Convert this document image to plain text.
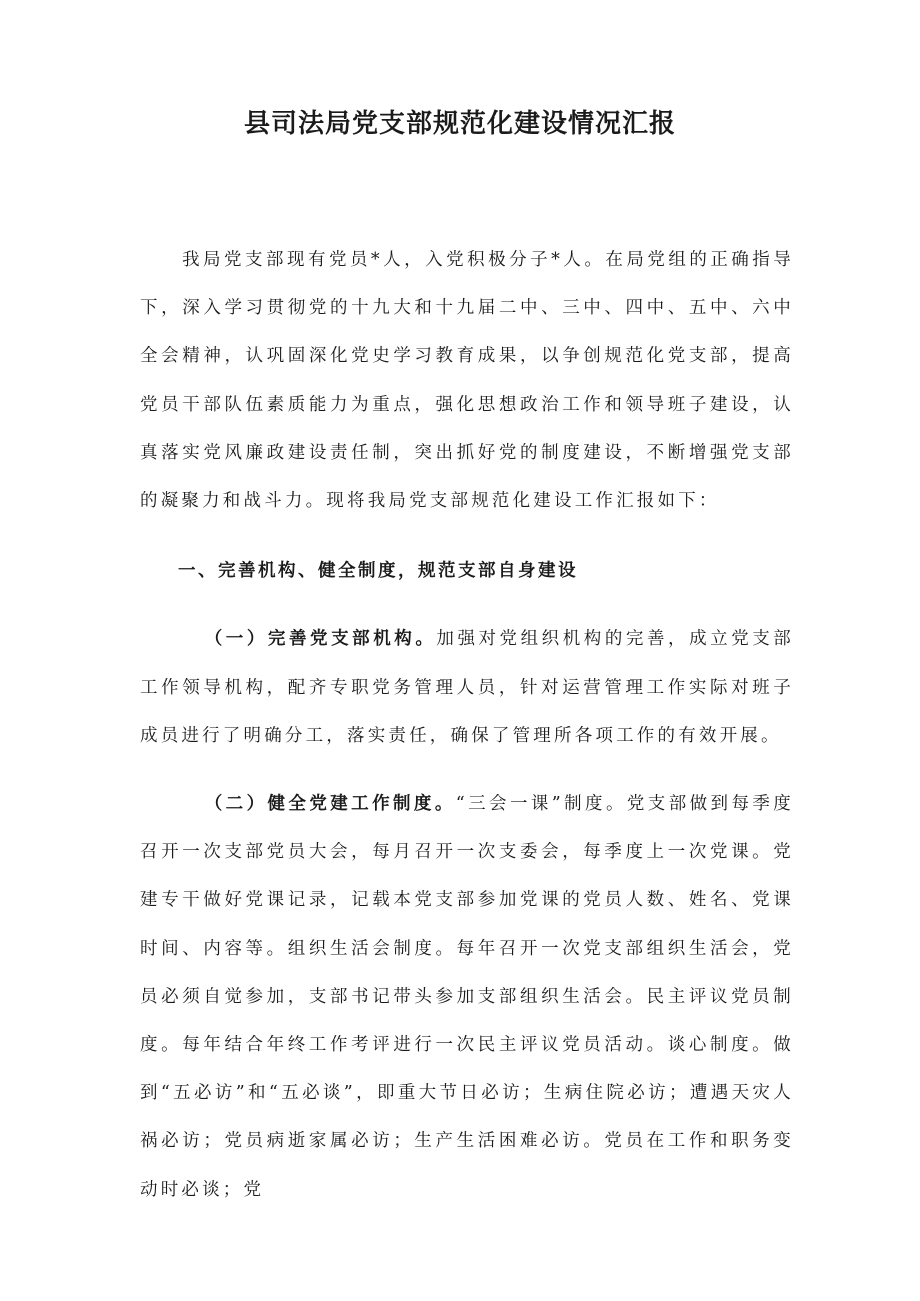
县司法局党支部规范化建设情况汇报

我局党支部现有党员*人，入党积极分子*人。在局党组的正确指导下，深入学习贯彻党的十九大和十九届二中、三中、四中、五中、六中全会精神，认巩固深化党史学习教育成果，以争创规范化党支部，提高党员干部队伍素质能力为重点，强化思想政治工作和领导班子建设，认真落实党风廉政建设责任制，突出抓好党的制度建设，不断增强党支部的凝聚力和战斗力。现将我局党支部规范化建设工作汇报如下：

一、完善机构、健全制度，规范支部自身建设

（一）完善党支部机构。加强对党组织机构的完善，成立党支部工作领导机构，配齐专职党务管理人员，针对运营管理工作实际对班子成员进行了明确分工，落实责任，确保了管理所各项工作的有效开展。

（二）健全党建工作制度。“三会一课”制度。党支部做到每季度召开一次支部党员大会，每月召开一次支委会，每季度上一次党课。党建专干做好党课记录，记载本党支部参加党课的党员人数、姓名、党课时间、内容等。组织生活会制度。每年召开一次党支部组织生活会，党员必须自觉参加，支部书记带头参加支部组织生活会。民主评议党员制度。每年结合年终工作考评进行一次民主评议党员活动。谈心制度。做到“五必访”和“五必谈”，即重大节日必访；生病住院必访；遭遇天灾人祸必访；党员病逝家属必访；生产生活困难必访。党员在工作和职务变动时必谈；党
